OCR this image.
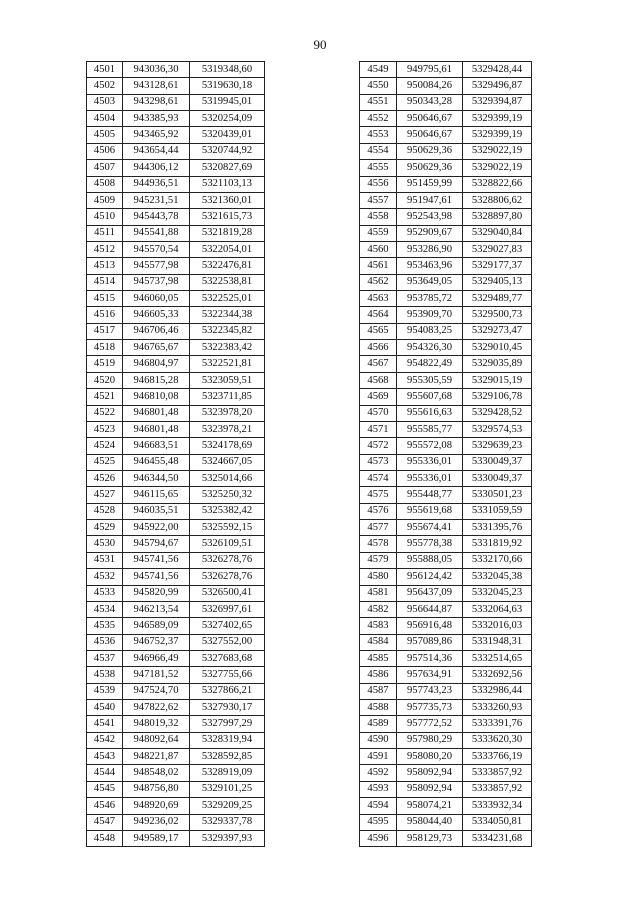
90
4501	943036,30	5319348,60
4502	943128,61	5319630,18
4503	943298,61	5319945,01
4504	943385,93	5320254,09
4505	943465,92	5320439,01
4506	943654,44	5320744,92
4507	944306,12	5320827,69
4508	944936,51	5321103,13
4509	945231,51	5321360,01
4510	945443,78	5321615,73
4511	945541,88	5321819,28
4512	945570,54	5322054,01
4513	945577,98	5322476,81
4514	945737,98	5322538,81
4515	946060,05	5322525,01
4516	946605,33	5322344,38
4517	946706,46	5322345,82
4518	946765,67	5322383,42
4519	946804,97	5322521,81
4520	946815,28	5323059,51
4521	946810,08	5323711,85
4522	946801,48	5323978,20
4523	946801,48	5323978,21
4524	946683,51	5324178,69
4525	946455,48	5324667,05
4526	946344,50	5325014,66
4527	946115,65	5325250,32
4528	946035,51	5325382,42
4529	945922,00	5325592,15
4530	945794,67	5326109,51
4531	945741,56	5326278,76
4532	945741,56	5326278,76
4533	945820,99	5326500,41
4534	946213,54	5326997,61
4535	946589,09	5327402,65
4536	946752,37	5327552,00
4537	946966,49	5327683,68
4538	947181,52	5327755,66
4539	947524,70	5327866,21
4540	947822,62	5327930,17
4541	948019,32	5327997,29
4542	948092,64	5328319,94
4543	948221,87	5328592,85
4544	948548,02	5328919,09
4545	948756,80	5329101,25
4546	948920,69	5329209,25
4547	949236,02	5329337,78
4548	949589,17	5329397,93
4549	949795,61	5329428,44
4550	950084,26	5329496,87
4551	950343,28	5329394,87
4552	950646,67	5329399,19
4553	950646,67	5329399,19
4554	950629,36	5329022,19
4555	950629,36	5329022,19
4556	951459,99	5328822,66
4557	951947,61	5328806,62
4558	952543,98	5328897,80
4559	952909,67	5329040,84
4560	953286,90	5329027,83
4561	953463,96	5329177,37
4562	953649,05	5329405,13
4563	953785,72	5329489,77
4564	953909,70	5329500,73
4565	954083,25	5329273,47
4566	954326,30	5329010,45
4567	954822,49	5329035,89
4568	955305,59	5329015,19
4569	955607,68	5329106,78
4570	955616,63	5329428,52
4571	955585,77	5329574,53
4572	955572,08	5329639,23
4573	955336,01	5330049,37
4574	955336,01	5330049,37
4575	955448,77	5330501,23
4576	955619,68	5331059,59
4577	955674,41	5331395,76
4578	955778,38	5331819,92
4579	955888,05	5332170,66
4580	956124,42	5332045,38
4581	956437,09	5332045,23
4582	956644,87	5332064,63
4583	956916,48	5332016,03
4584	957089,86	5331948,31
4585	957514,36	5332514,65
4586	957634,91	5332692,56
4587	957743,23	5332986,44
4588	957735,73	5333260,93
4589	957772,52	5333391,76
4590	957980,29	5333620,30
4591	958080,20	5333766,19
4592	958092,94	5333857,92
4593	958092,94	5333857,92
4594	958074,21	5333932,34
4595	958044,40	5334050,81
4596	958129,73	5334231,68
